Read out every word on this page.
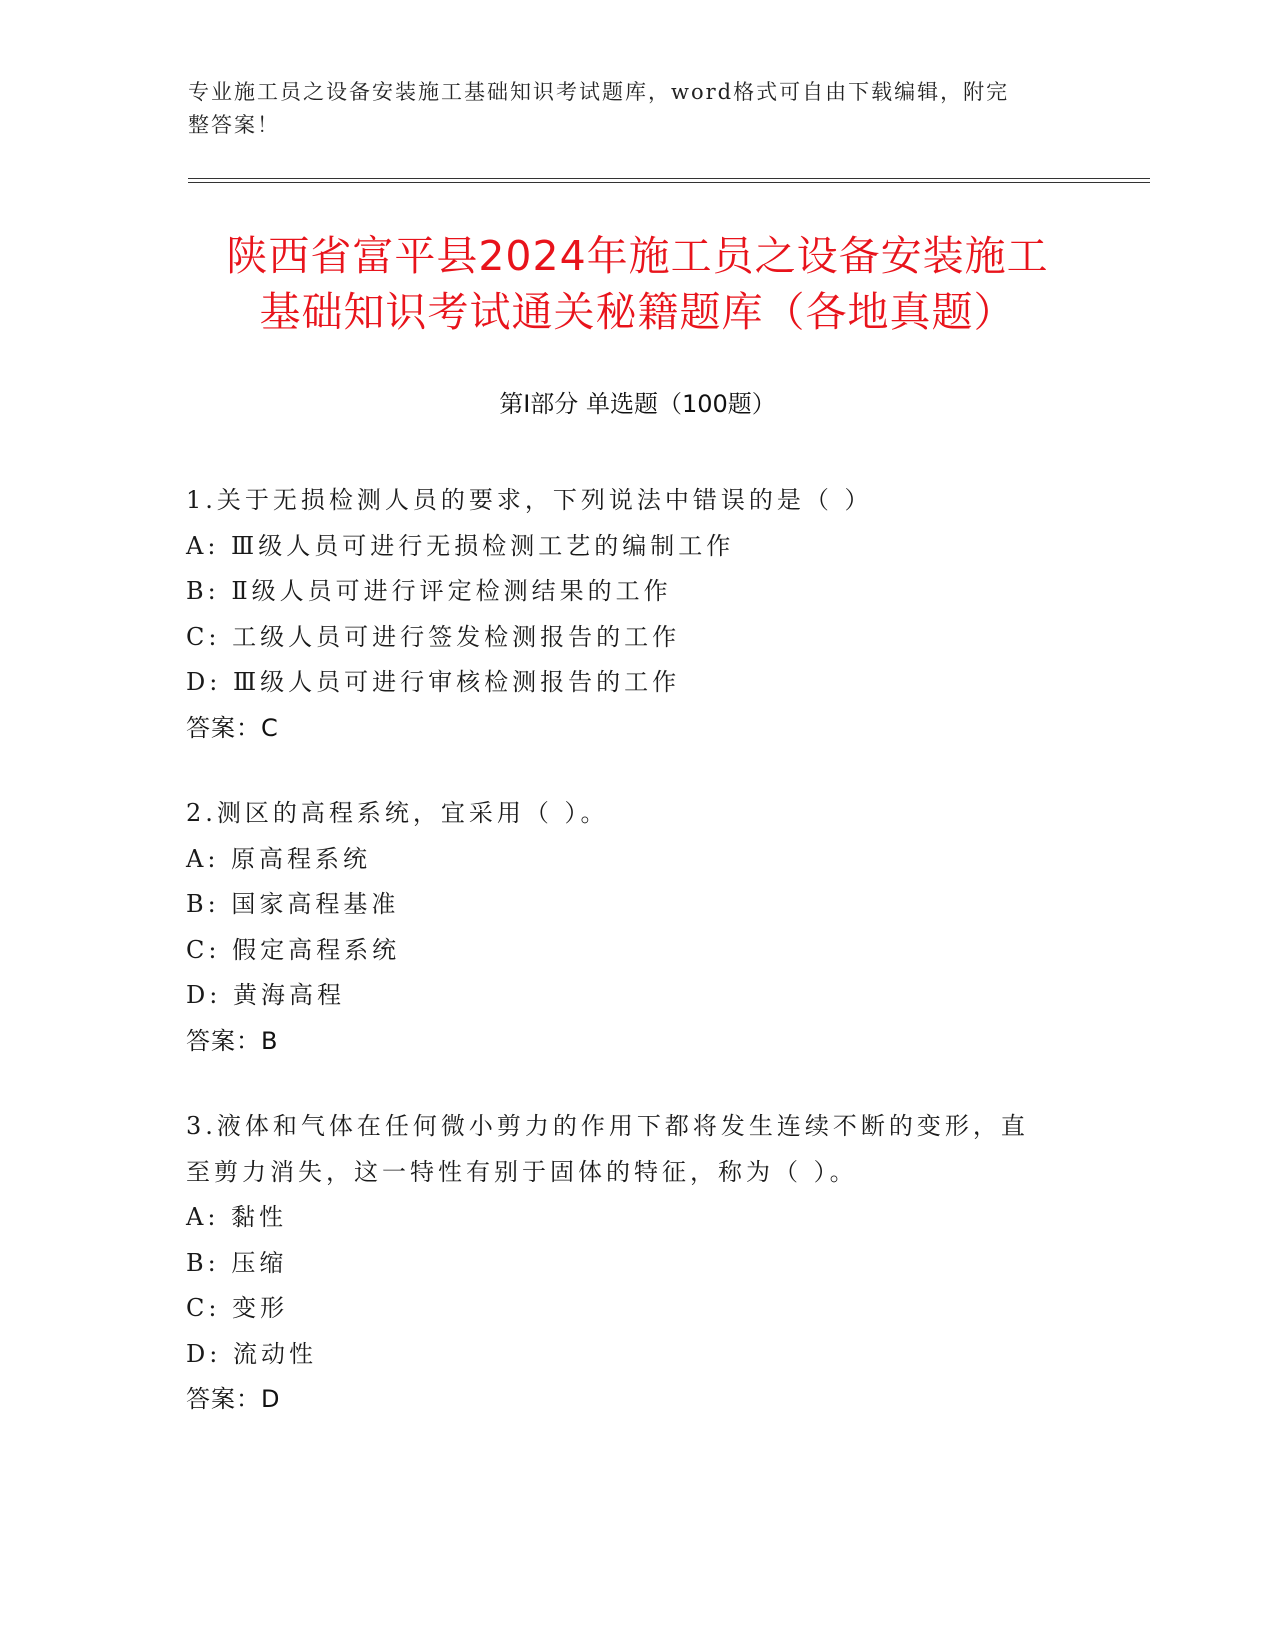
专业施工员之设备安装施工基础知识考试题库，word格式可自由下载编辑，附完
整答案！
陕西省富平县2024年施工员之设备安装施工
基础知识考试通关秘籍题库（各地真题）
第Ⅰ部分 单选题（100题）
1.关于无损检测人员的要求，下列说法中错误的是（ ）
A: Ⅲ级人员可进行无损检测工艺的编制工作
B: Ⅱ级人员可进行评定检测结果的工作
C: 工级人员可进行签发检测报告的工作
D: Ⅲ级人员可进行审核检测报告的工作
答案：C
2.测区的高程系统，宜采用（ ）。
A: 原高程系统
B: 国家高程基准
C: 假定高程系统
D: 黄海高程
答案：B
3.液体和气体在任何微小剪力的作用下都将发生连续不断的变形，直
至剪力消失，这一特性有别于固体的特征，称为（ ）。
A: 黏性
B: 压缩
C: 变形
D: 流动性
答案：D
